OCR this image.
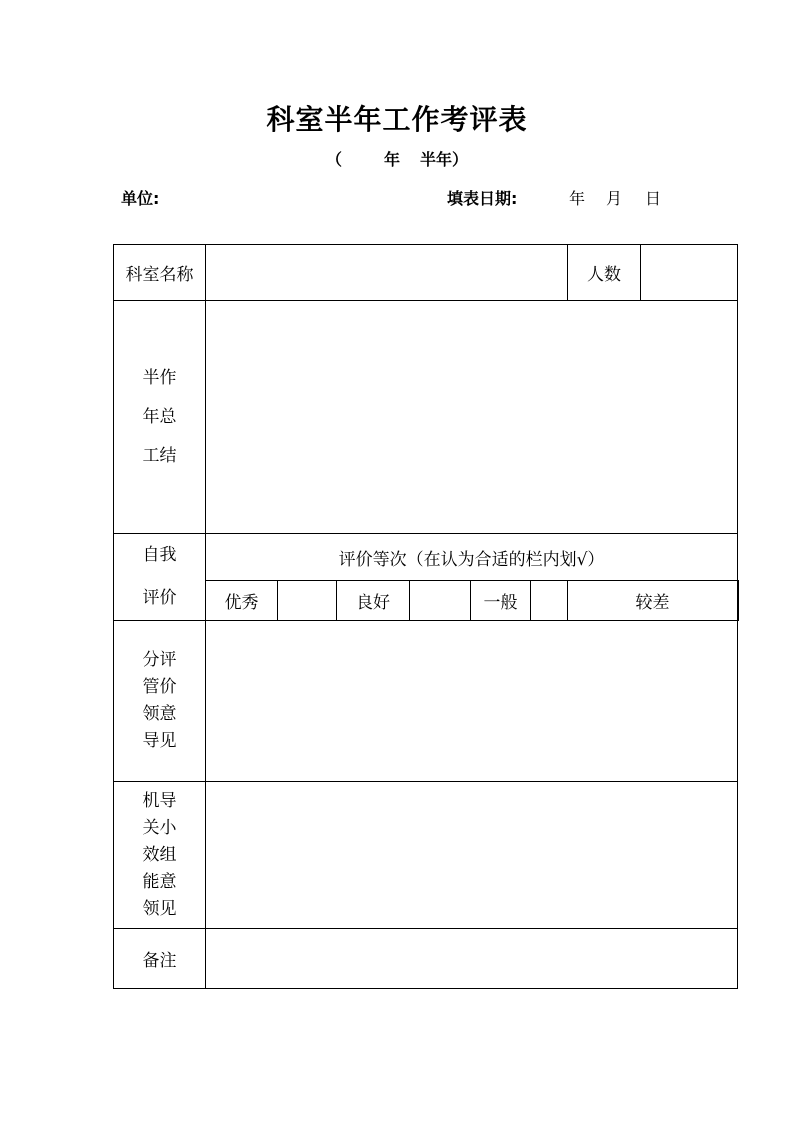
科室半年工作考评表
（	年 半年）
单位:	填表日期:	年 月 日
科室名称							人数		
半作
年总
工结									
自我
评价	评价等次（在认为合适的栏内划√）								
	优秀		良好		一般		较差		
分评
管价
领意
导见									
机导
关小
效组
能意
领见									
备注									
